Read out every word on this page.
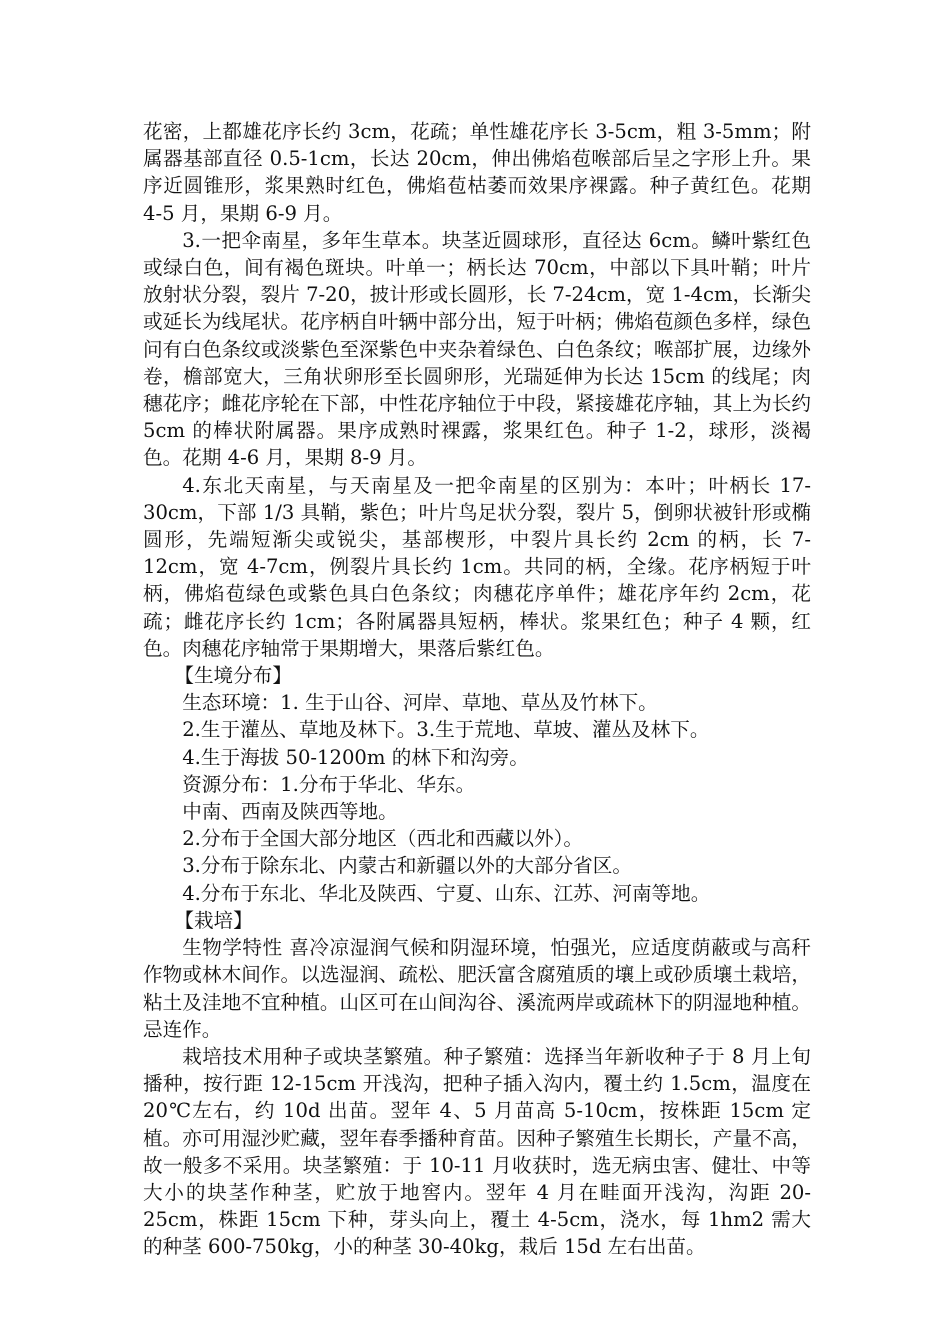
花密，上都雄花序长约 3cm，花疏；单性雄花序长 3-5cm，粗 3-5mm；附属器基部直径 0.5-1cm，长达 20cm，伸出佛焰苞喉部后呈之字形上升。果序近圆锥形，浆果熟时红色，佛焰苞枯萎而效果序裸露。种子黄红色。花期 4-5 月，果期 6-9 月。

3.一把伞南星，多年生草本。块茎近圆球形，直径达 6cm。鳞叶紫红色或绿白色，间有褐色斑块。叶单一；柄长达 70cm，中部以下具叶鞘；叶片放射状分裂，裂片 7-20，披计形或长圆形，长 7-24cm，宽 1-4cm，长渐尖或延长为线尾状。花序柄自叶辆中部分出，短于叶柄；佛焰苞颜色多样，绿色问有白色条纹或淡紫色至深紫色中夹杂着绿色、白色条纹；喉部扩展，边缘外卷，檐部宽大，三角状卵形至长圆卵形，光瑞延伸为长达 15cm 的线尾；肉穗花序；雌花序轮在下部，中性花序轴位于中段，紧接雄花序轴，其上为长约 5cm 的棒状附属器。果序成熟时裸露，浆果红色。种子 1-2，球形，淡褐色。花期 4-6 月，果期 8-9 月。

4.东北天南星，与天南星及一把伞南星的区别为：本叶；叶柄长 17-30cm，下部 1/3 具鞘，紫色；叶片鸟足状分裂，裂片 5，倒卵状被针形或椭圆形，先端短渐尖或锐尖，基部楔形，中裂片具长约 2cm 的柄，长 7-12cm，宽 4-7cm，例裂片具长约 1cm。共同的柄，全缘。花序柄短于叶柄，佛焰苞绿色或紫色具白色条纹；肉穗花序单件；雄花序年约 2cm，花疏；雌花序长约 1cm；各附属器具短柄，棒状。浆果红色；种子 4 颗，红色。肉穗花序轴常于果期增大，果落后紫红色。

【生境分布】

生态环境：1. 生于山谷、河岸、草地、草丛及竹林下。

2.生于灌丛、草地及林下。3.生于荒地、草坡、灌丛及林下。

4.生于海拔 50-1200m 的林下和沟旁。

资源分布：1.分布于华北、华东。

中南、西南及陕西等地。

2.分布于全国大部分地区（西北和西藏以外）。

3.分布于除东北、内蒙古和新疆以外的大部分省区。

4.分布于东北、华北及陕西、宁夏、山东、江苏、河南等地。

【栽培】

生物学特性 喜冷凉湿润气候和阴湿环境，怕强光，应适度荫蔽或与高秆作物或林木间作。以选湿润、疏松、肥沃富含腐殖质的壤上或砂质壤土栽培，粘土及洼地不宜种植。山区可在山间沟谷、溪流两岸或疏林下的阴湿地种植。忌连作。

栽培技术用种子或块茎繁殖。种子繁殖：选择当年新收种子于 8 月上旬播种，按行距 12-15cm 开浅沟，把种子插入沟内，覆土约 1.5cm，温度在 20℃左右，约 10d 出苗。翌年 4、5 月苗高 5-10cm，按株距 15cm 定植。亦可用湿沙贮藏，翌年春季播种育苗。因种子繁殖生长期长，产量不高，故一般多不采用。块茎繁殖：于 10-11 月收获时，选无病虫害、健壮、中等大小的块茎作种茎，贮放于地窖内。翌年 4 月在畦面开浅沟，沟距 20-25cm，株距 15cm 下种，芽头向上，覆土 4-5cm，浇水，每 1hm2 需大的种茎 600-750kg，小的种茎 30-40kg，栽后 15d 左右出苗。
